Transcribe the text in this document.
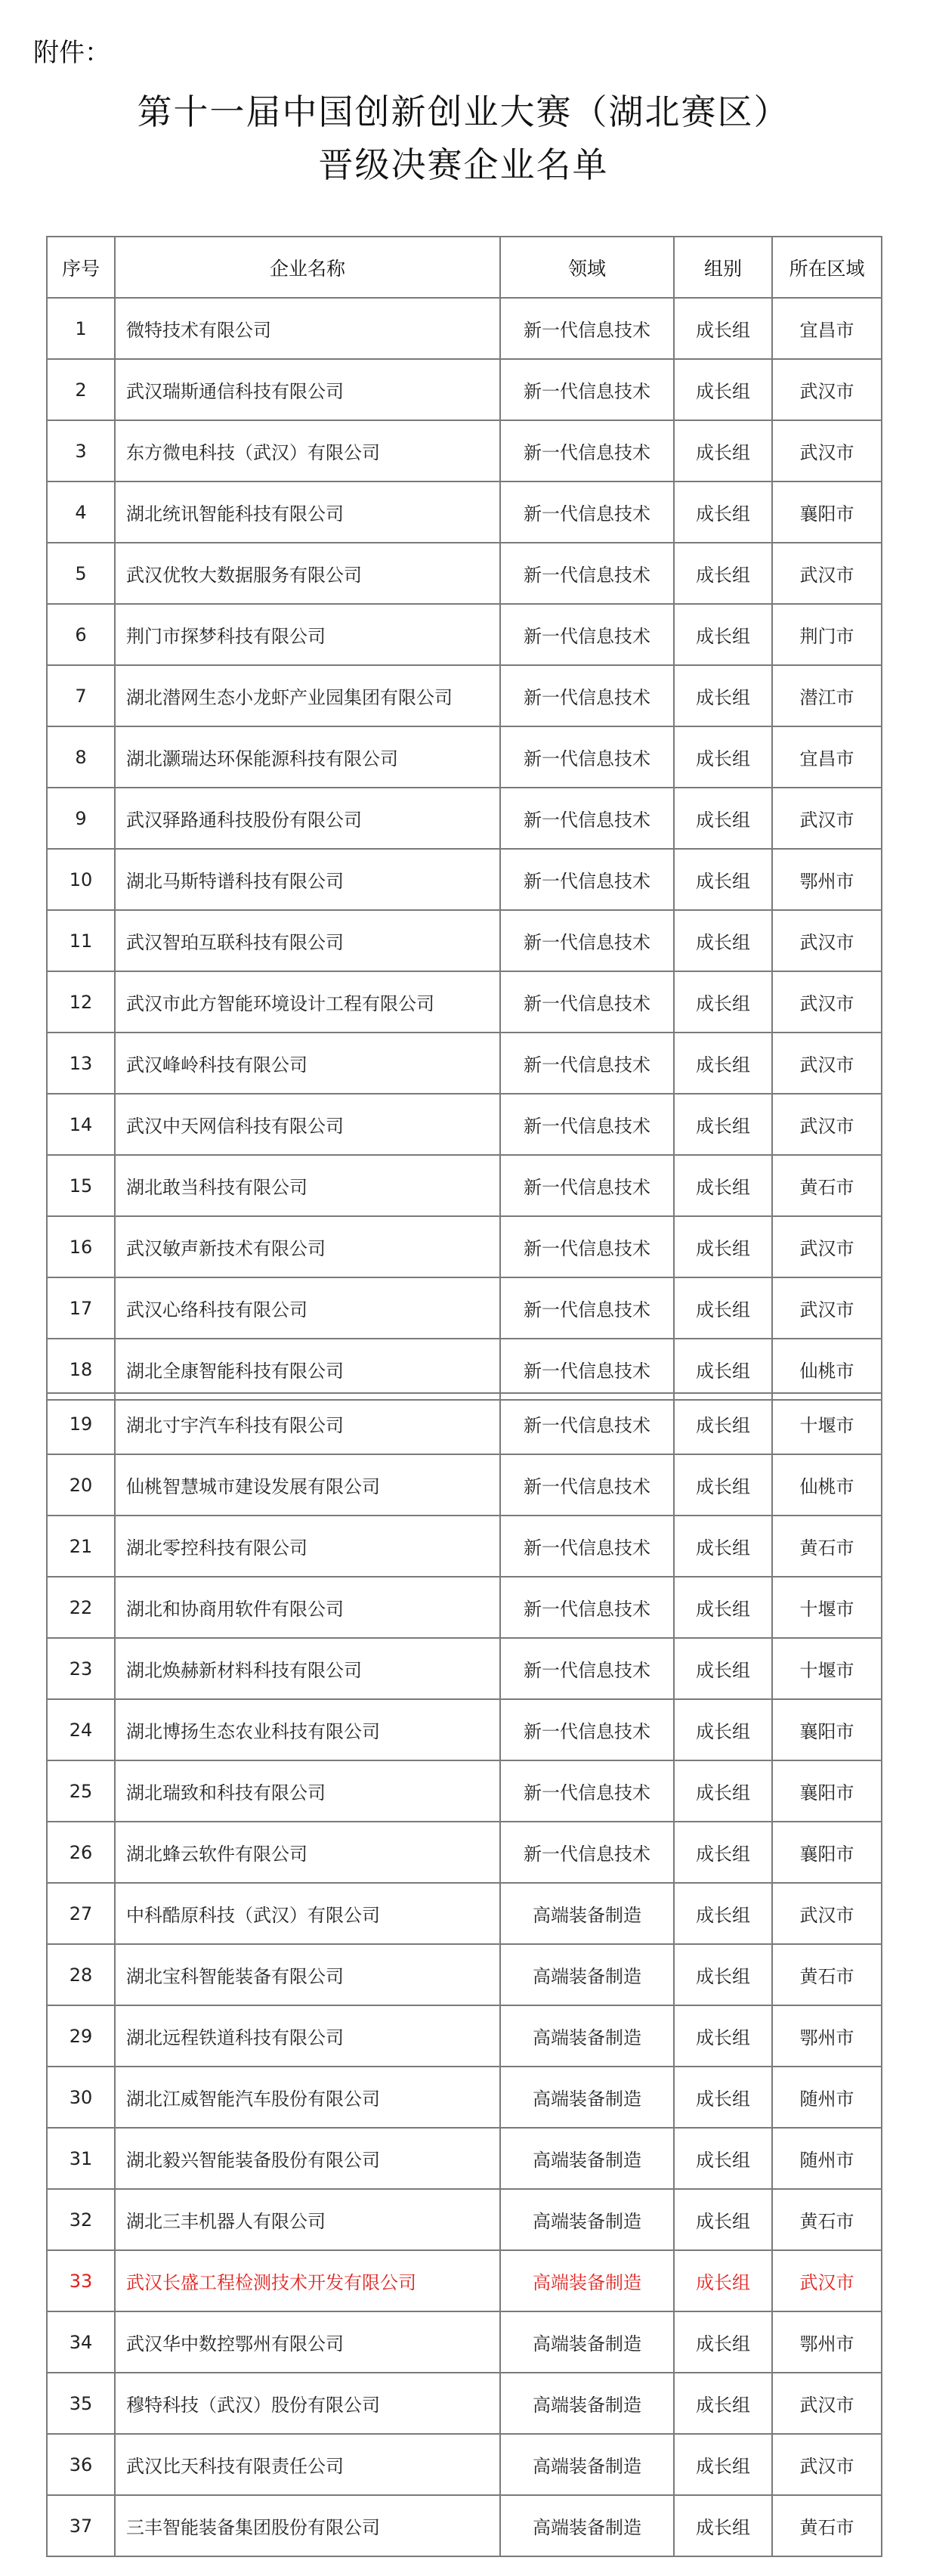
附件：
第十一届中国创新创业大赛（湖北赛区）
晋级决赛企业名单
序号	企业名称	领域	组别	所在区域
1	微特技术有限公司	新一代信息技术	成长组	宜昌市
2	武汉瑞斯通信科技有限公司	新一代信息技术	成长组	武汉市
3	东方微电科技（武汉）有限公司	新一代信息技术	成长组	武汉市
4	湖北统讯智能科技有限公司	新一代信息技术	成长组	襄阳市
5	武汉优牧大数据服务有限公司	新一代信息技术	成长组	武汉市
6	荆门市探梦科技有限公司	新一代信息技术	成长组	荆门市
7	湖北潜网生态小龙虾产业园集团有限公司	新一代信息技术	成长组	潜江市
8	湖北灏瑞达环保能源科技有限公司	新一代信息技术	成长组	宜昌市
9	武汉驿路通科技股份有限公司	新一代信息技术	成长组	武汉市
10	湖北马斯特谱科技有限公司	新一代信息技术	成长组	鄂州市
11	武汉智珀互联科技有限公司	新一代信息技术	成长组	武汉市
12	武汉市此方智能环境设计工程有限公司	新一代信息技术	成长组	武汉市
13	武汉峰岭科技有限公司	新一代信息技术	成长组	武汉市
14	武汉中天网信科技有限公司	新一代信息技术	成长组	武汉市
15	湖北敢当科技有限公司	新一代信息技术	成长组	黄石市
16	武汉敏声新技术有限公司	新一代信息技术	成长组	武汉市
17	武汉心络科技有限公司	新一代信息技术	成长组	武汉市
18	湖北全康智能科技有限公司	新一代信息技术	成长组	仙桃市
19	湖北寸宇汽车科技有限公司	新一代信息技术	成长组	十堰市
20	仙桃智慧城市建设发展有限公司	新一代信息技术	成长组	仙桃市
21	湖北零控科技有限公司	新一代信息技术	成长组	黄石市
22	湖北和协商用软件有限公司	新一代信息技术	成长组	十堰市
23	湖北焕赫新材料科技有限公司	新一代信息技术	成长组	十堰市
24	湖北博扬生态农业科技有限公司	新一代信息技术	成长组	襄阳市
25	湖北瑞致和科技有限公司	新一代信息技术	成长组	襄阳市
26	湖北蜂云软件有限公司	新一代信息技术	成长组	襄阳市
27	中科酷原科技（武汉）有限公司	高端装备制造	成长组	武汉市
28	湖北宝科智能装备有限公司	高端装备制造	成长组	黄石市
29	湖北远程铁道科技有限公司	高端装备制造	成长组	鄂州市
30	湖北江威智能汽车股份有限公司	高端装备制造	成长组	随州市
31	湖北毅兴智能装备股份有限公司	高端装备制造	成长组	随州市
32	湖北三丰机器人有限公司	高端装备制造	成长组	黄石市
33	武汉长盛工程检测技术开发有限公司	高端装备制造	成长组	武汉市
34	武汉华中数控鄂州有限公司	高端装备制造	成长组	鄂州市
35	穆特科技（武汉）股份有限公司	高端装备制造	成长组	武汉市
36	武汉比天科技有限责任公司	高端装备制造	成长组	武汉市
37	三丰智能装备集团股份有限公司	高端装备制造	成长组	黄石市
